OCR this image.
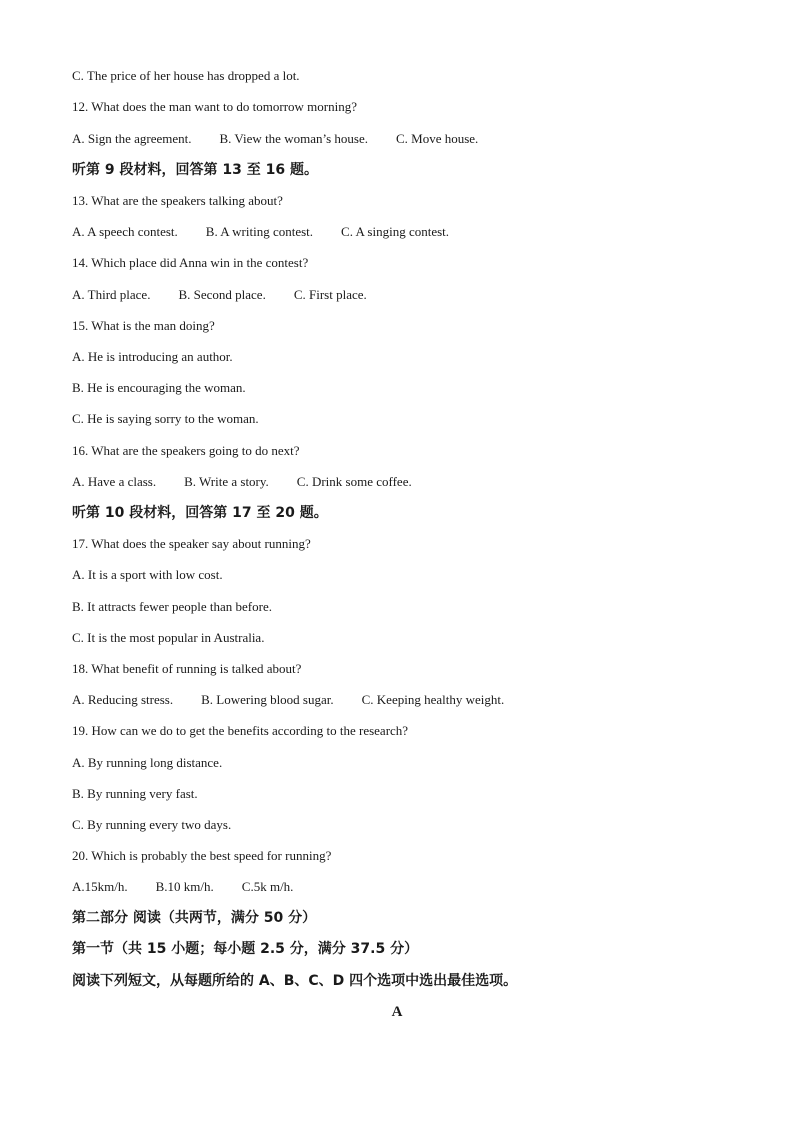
C. The price of her house has dropped a lot.
12. What does the man want to do tomorrow morning?
A. Sign the agreement. B. View the woman’s house. C. Move house.
听第 9 段材料，回答第 13 至 16 题。
13. What are the speakers talking about?
A. A speech contest. B. A writing contest. C. A singing contest.
14. Which place did Anna win in the contest?
A. Third place. B. Second place. C. First place.
15. What is the man doing?
A. He is introducing an author.
B. He is encouraging the woman.
C. He is saying sorry to the woman.
16. What are the speakers going to do next?
A. Have a class. B. Write a story. C. Drink some coffee.
听第 10 段材料，回答第 17 至 20 题。
17. What does the speaker say about running?
A. It is a sport with low cost.
B. It attracts fewer people than before.
C. It is the most popular in Australia.
18. What benefit of running is talked about?
A. Reducing stress. B. Lowering blood sugar. C. Keeping healthy weight.
19. How can we do to get the benefits according to the research?
A. By running long distance.
B. By running very fast.
C. By running every two days.
20. Which is probably the best speed for running?
A.15km/h. B.10 km/h. C.5k m/h.
第二部分 阅读（共两节，满分 50 分）
第一节（共 15 小题；每小题 2.5 分，满分 37.5 分）
阅读下列短文，从每题所给的 A、B、C、D 四个选项中选出最佳选项。
A
